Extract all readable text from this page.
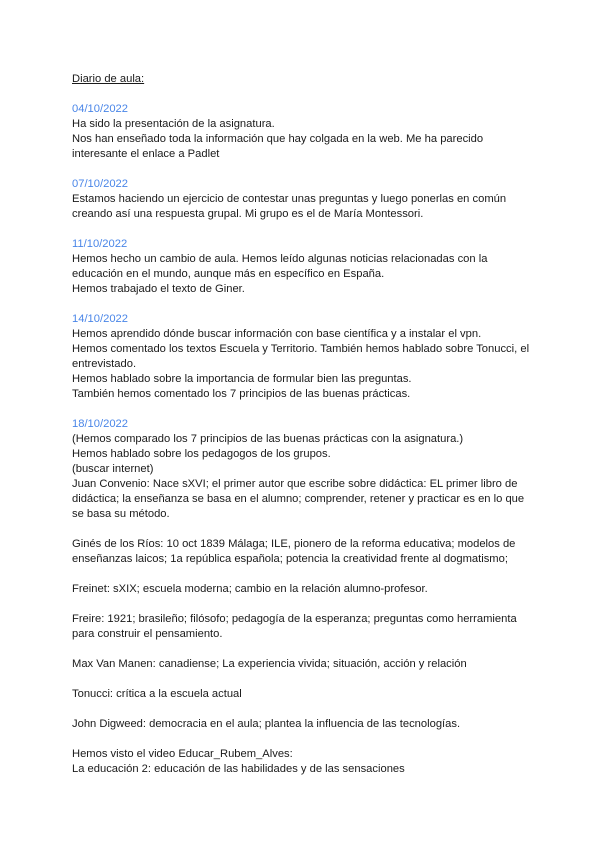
Diario de aula:
04/10/2022
Ha sido la presentación de la asignatura.
Nos han enseñado toda la información que hay colgada en la web. Me ha parecido
interesante el enlace a Padlet
07/10/2022
Estamos haciendo un ejercicio de contestar unas preguntas y luego ponerlas en común
creando así una respuesta grupal. Mi grupo es el de María Montessori.
11/10/2022
Hemos hecho un cambio de aula. Hemos leído algunas noticias relacionadas con la
educación en el mundo, aunque más en específico en España.
Hemos trabajado el texto de Giner.
14/10/2022
Hemos aprendido dónde buscar información con base científica y a instalar el vpn.
Hemos comentado los textos Escuela y Territorio. También hemos hablado sobre Tonucci, el
entrevistado.
Hemos hablado sobre la importancia de formular bien las preguntas.
También hemos comentado los 7 principios de las buenas prácticas.
18/10/2022
(Hemos comparado los 7 principios de las buenas prácticas con la asignatura.)
Hemos hablado sobre los pedagogos de los grupos.
(buscar internet)
Juan Convenio: Nace sXVI; el primer autor que escribe sobre didáctica: EL primer libro de
didáctica; la enseñanza se basa en el alumno; comprender, retener y practicar es en lo que
se basa su método.
Ginés de los Ríos: 10 oct 1839 Málaga; ILE, pionero de la reforma educativa; modelos de
enseñanzas laicos; 1a república española; potencia la creatividad frente al dogmatismo;
Freinet: sXIX; escuela moderna; cambio en la relación alumno-profesor.
Freire: 1921; brasileño; filósofo; pedagogía de la esperanza; preguntas como herramienta
para construir el pensamiento.
Max Van Manen: canadiense; La experiencia vivida; situación, acción y relación
Tonucci: crítica a la escuela actual
John Digweed: democracia en el aula; plantea la influencia de las tecnologías.
Hemos visto el video Educar_Rubem_Alves:
La educación 2: educación de las habilidades y de las sensaciones
